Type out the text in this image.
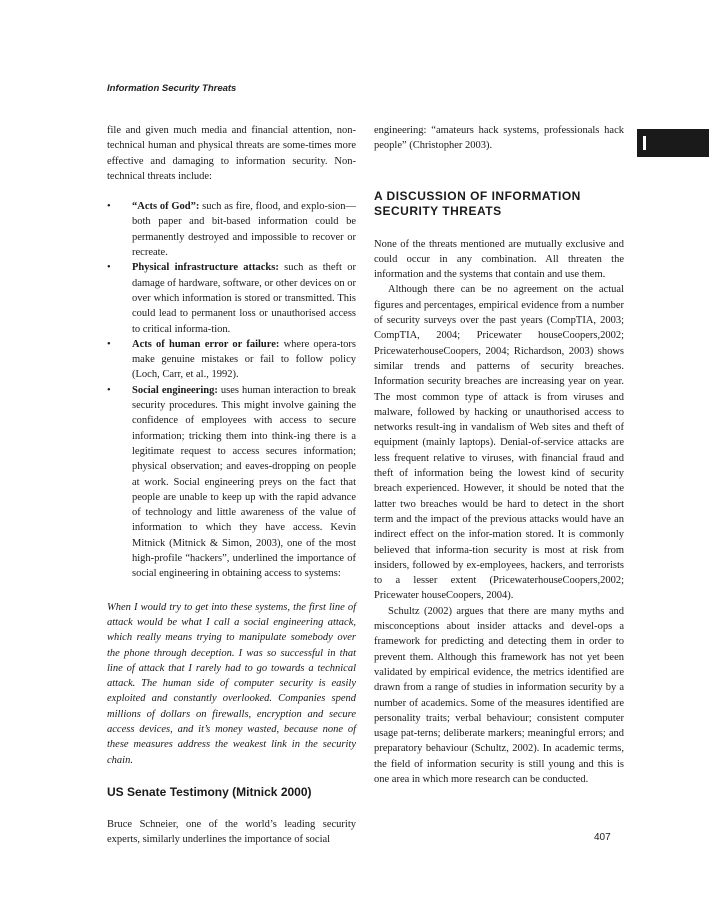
Information Security Threats

file and given much media and financial attention, non-technical human and physical threats are some-times more effective and damaging to information security. Non-technical threats include:

•	“Acts of God”: such as fire, flood, and explo-sion—both paper and bit-based information could be permanently destroyed and impossible to recover or recreate.
•	Physical infrastructure attacks: such as theft or damage of hardware, software, or other devices on or over which information is stored or transmitted. This could lead to permanent loss or unauthorised access to critical informa-tion.
•	Acts of human error or failure: where opera-tors make genuine mistakes or fail to follow policy (Loch, Carr, et al., 1992).
•	Social engineering: uses human interaction to break security procedures. This might involve gaining the confidence of employees with access to secure information; tricking them into think-ing there is a legitimate request to access secures information; physical observation; and eaves-dropping on people at work. Social engineering preys on the fact that people are unable to keep up with the rapid advance of technology and little awareness of the value of information to which they have access. Kevin Mitnick (Mitnick & Simon, 2003), one of the most high-profile “hackers”, underlined the importance of social engineering in obtaining access to systems:

When I would try to get into these systems, the first line of attack would be what I call a social engineering attack, which really means trying to manipulate somebody over the phone through deception. I was so successful in that line of attack that I rarely had to go towards a technical attack. The human side of computer security is easily exploited and constantly overlooked. Companies spend millions of dollars on firewalls, encryption and secure access devices, and it’s money wasted, because none of these measures address the weakest link in the security chain.

US Senate Testimony (Mitnick 2000)

Bruce Schneier, one of the world’s leading security experts, similarly underlines the importance of social

engineering: “amateurs hack systems, professionals hack people” (Christopher 2003).

A DISCUSSION OF INFORMATION SECURITY THREATS

None of the threats mentioned are mutually exclusive and could occur in any combination. All threaten the information and the systems that contain and use them.

Although there can be no agreement on the actual figures and percentages, empirical evidence from a number of security surveys over the past years (CompTIA, 2003; CompTIA, 2004; Pricewater houseCoopers,2002; PricewaterhouseCoopers, 2004; Richardson, 2003) shows similar trends and patterns of security breaches. Information security breaches are increasing year on year. The most common type of attack is from viruses and malware, followed by hacking or unauthorised access to networks result-ing in vandalism of Web sites and theft of equipment (mainly laptops). Denial-of-service attacks are less frequent relative to viruses, with financial fraud and theft of information being the lowest kind of security breach experienced. However, it should be noted that the latter two breaches would be hard to detect in the short term and the impact of the previous attacks would have an indirect effect on the infor-mation stored. It is commonly believed that informa-tion security is most at risk from insiders, followed by ex-employees, hackers, and terrorists to a lesser extent (PricewaterhouseCoopers,2002; Pricewater houseCoopers, 2004).

Schultz (2002) argues that there are many myths and misconceptions about insider attacks and devel-ops a framework for predicting and detecting them in order to prevent them. Although this framework has not yet been validated by empirical evidence, the metrics identified are drawn from a range of studies in information security by a number of academics. Some of the measures identified are personality traits; verbal behaviour; consistent computer usage pat-terns; deliberate markers; meaningful errors; and preparatory behaviour (Schultz, 2002). In academic terms, the field of information security is still young and this is one area in which more research can be conducted.

407
